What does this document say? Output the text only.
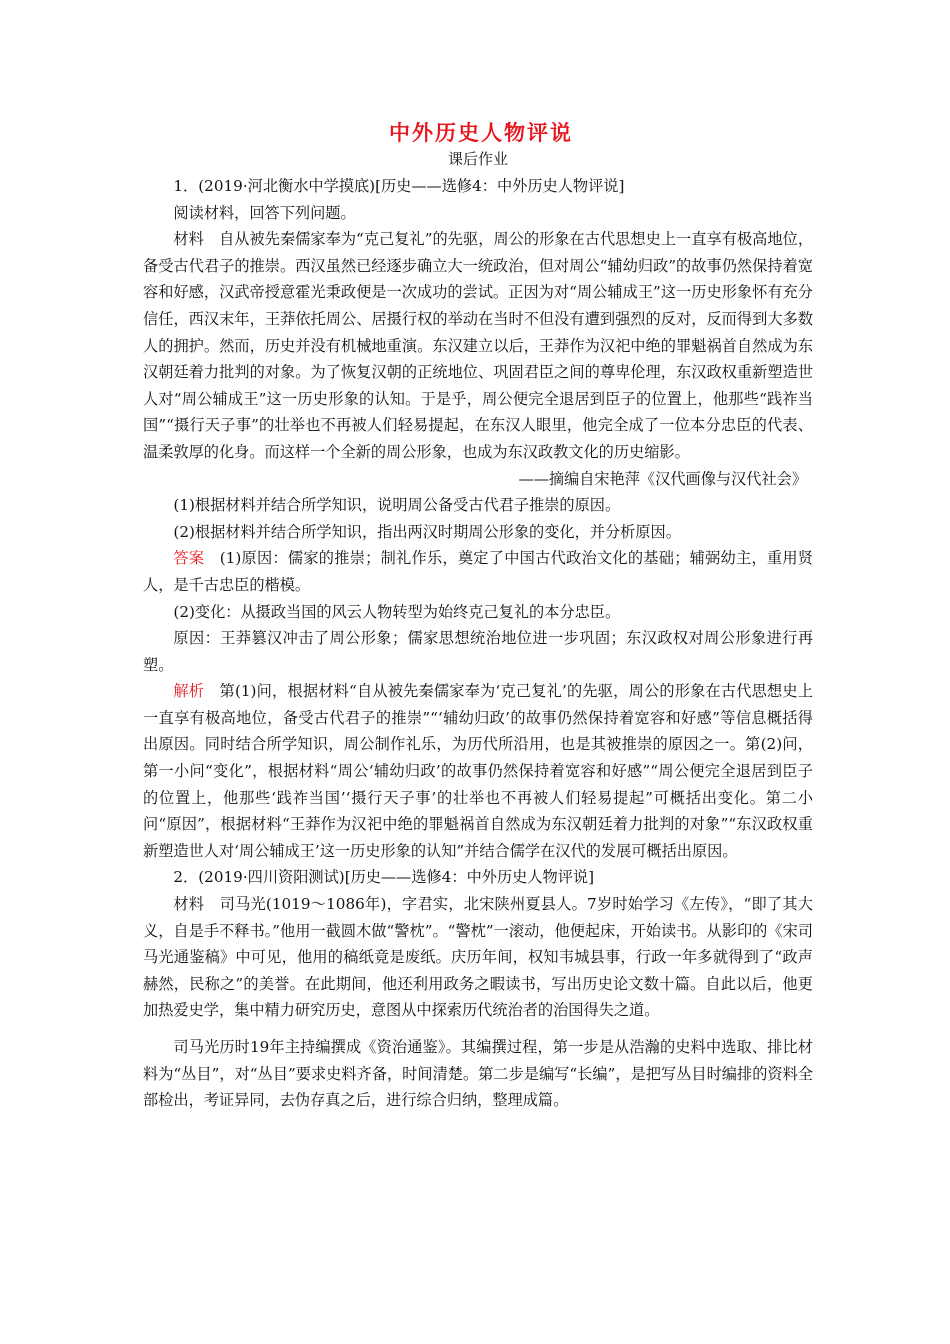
中外历史人物评说
课后作业

1．(2019·河北衡水中学摸底)[历史——选修4：中外历史人物评说]

阅读材料，回答下列问题。

材料　自从被先秦儒家奉为“克己复礼”的先驱，周公的形象在古代思想史上一直享有极高地位，备受古代君子的推崇。西汉虽然已经逐步确立大一统政治，但对周公“辅幼归政”的故事仍然保持着宽容和好感，汉武帝授意霍光秉政便是一次成功的尝试。正因为对“周公辅成王”这一历史形象怀有充分信任，西汉末年，王莽依托周公、居摄行权的举动在当时不但没有遭到强烈的反对，反而得到大多数人的拥护。然而，历史并没有机械地重演。东汉建立以后，王莽作为汉祀中绝的罪魁祸首自然成为东汉朝廷着力批判的对象。为了恢复汉朝的正统地位、巩固君臣之间的尊卑伦理，东汉政权重新塑造世人对“周公辅成王”这一历史形象的认知。于是乎，周公便完全退居到臣子的位置上，他那些“践祚当国”“摄行天子事”的壮举也不再被人们轻易提起，在东汉人眼里，他完全成了一位本分忠臣的代表、温柔敦厚的化身。而这样一个全新的周公形象，也成为东汉政教文化的历史缩影。

——摘编自宋艳萍《汉代画像与汉代社会》

(1)根据材料并结合所学知识，说明周公备受古代君子推崇的原因。

(2)根据材料并结合所学知识，指出两汉时期周公形象的变化，并分析原因。

答案　(1)原因：儒家的推崇；制礼作乐，奠定了中国古代政治文化的基础；辅弼幼主，重用贤人，是千古忠臣的楷模。

(2)变化：从摄政当国的风云人物转型为始终克己复礼的本分忠臣。

原因：王莽篡汉冲击了周公形象；儒家思想统治地位进一步巩固；东汉政权对周公形象进行再塑。

解析　第(1)问，根据材料“自从被先秦儒家奉为‘克己复礼’的先驱，周公的形象在古代思想史上一直享有极高地位，备受古代君子的推崇”“‘辅幼归政’的故事仍然保持着宽容和好感”等信息概括得出原因。同时结合所学知识，周公制作礼乐，为历代所沿用，也是其被推崇的原因之一。第(2)问，第一小问“变化”，根据材料“周公‘辅幼归政’的故事仍然保持着宽容和好感”“周公便完全退居到臣子的位置上，他那些‘践祚当国’‘摄行天子事’的壮举也不再被人们轻易提起”可概括出变化。第二小问“原因”，根据材料“王莽作为汉祀中绝的罪魁祸首自然成为东汉朝廷着力批判的对象”“东汉政权重新塑造世人对‘周公辅成王’这一历史形象的认知”并结合儒学在汉代的发展可概括出原因。

2．(2019·四川资阳测试)[历史——选修4：中外历史人物评说]

材料　司马光(1019～1086年)，字君实，北宋陕州夏县人。7岁时始学习《左传》，“即了其大义，自是手不释书。”他用一截圆木做“警枕”。“警枕”一滚动，他便起床，开始读书。从影印的《宋司马光通鉴稿》中可见，他用的稿纸竟是废纸。庆历年间，权知韦城县事，行政一年多就得到了“政声赫然，民称之”的美誉。在此期间，他还利用政务之暇读书，写出历史论文数十篇。自此以后，他更加热爱史学，集中精力研究历史，意图从中探索历代统治者的治国得失之道。

司马光历时19年主持编撰成《资治通鉴》。其编撰过程，第一步是从浩瀚的史料中选取、排比材料为“丛目”，对“丛目”要求史料齐备，时间清楚。第二步是编写“长编”，是把写丛目时编排的资料全部检出，考证异同，去伪存真之后，进行综合归纳，整理成篇。
